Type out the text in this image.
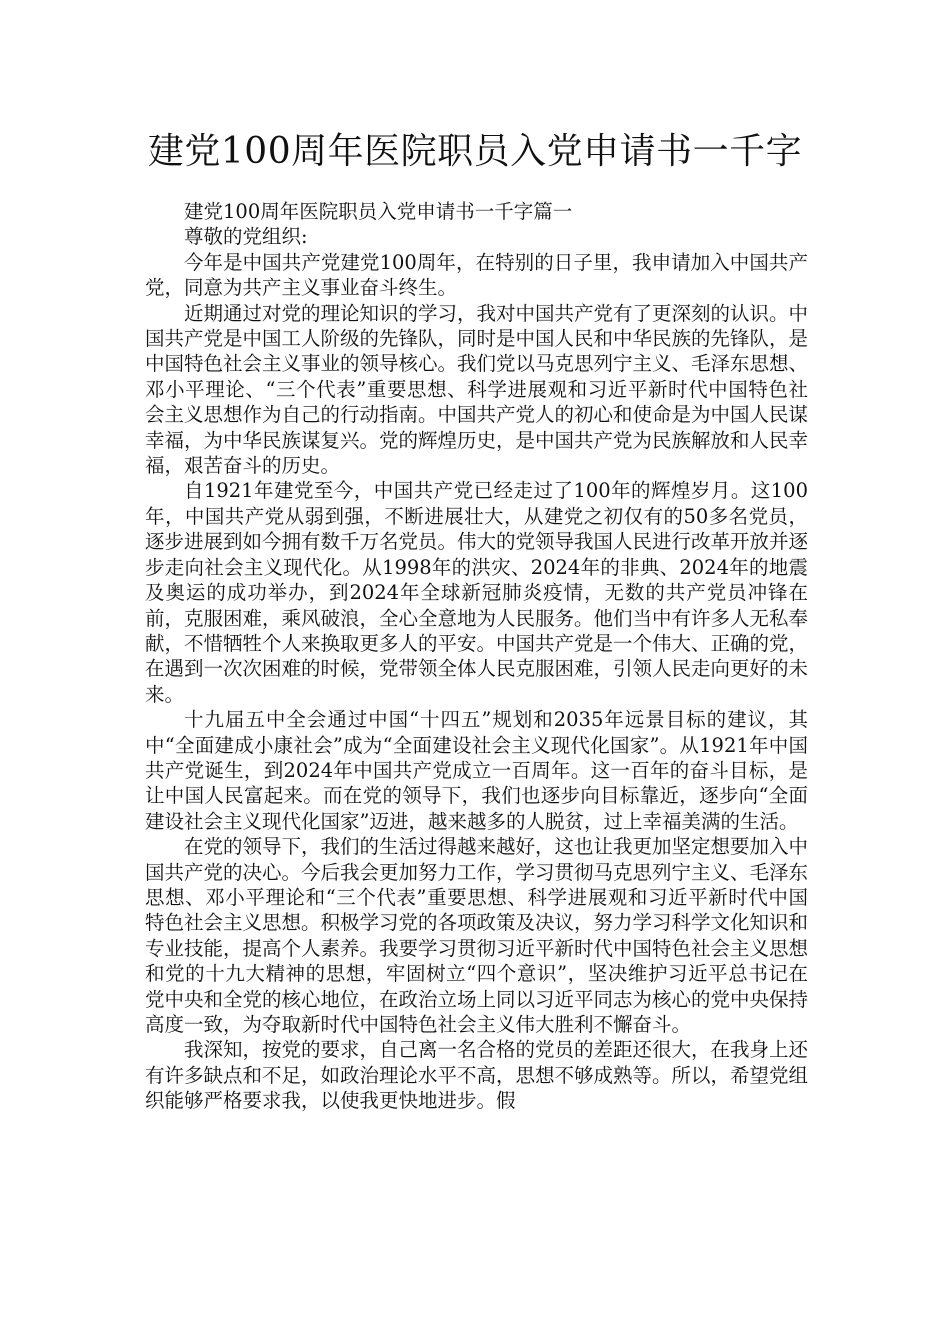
建党100周年医院职员入党申请书一千字

建党100周年医院职员入党申请书一千字篇一

尊敬的党组织:

今年是中国共产党建党100周年，在特别的日子里，我申请加入中国共产党，同意为共产主义事业奋斗终生。

近期通过对党的理论知识的学习，我对中国共产党有了更深刻的认识。中国共产党是中国工人阶级的先锋队，同时是中国人民和中华民族的先锋队，是中国特色社会主义事业的领导核心。我们党以马克思列宁主义、毛泽东思想、邓小平理论、“三个代表”重要思想、科学进展观和习近平新时代中国特色社会主义思想作为自己的行动指南。中国共产党人的初心和使命是为中国人民谋幸福，为中华民族谋复兴。党的辉煌历史，是中国共产党为民族解放和人民幸福，艰苦奋斗的历史。

自1921年建党至今，中国共产党已经走过了100年的辉煌岁月。这100年，中国共产党从弱到强，不断进展壮大，从建党之初仅有的50多名党员，逐步进展到如今拥有数千万名党员。伟大的党领导我国人民进行改革开放并逐步走向社会主义现代化。从1998年的洪灾、2024年的非典、2024年的地震及奥运的成功举办，到2024年全球新冠肺炎疫情，无数的共产党员冲锋在前，克服困难，乘风破浪，全心全意地为人民服务。他们当中有许多人无私奉献，不惜牺牲个人来换取更多人的平安。中国共产党是一个伟大、正确的党，在遇到一次次困难的时候，党带领全体人民克服困难，引领人民走向更好的未来。

十九届五中全会通过中国“十四五”规划和2035年远景目标的建议，其中“全面建成小康社会”成为“全面建设社会主义现代化国家”。从1921年中国共产党诞生，到2024年中国共产党成立一百周年。这一百年的奋斗目标，是让中国人民富起来。而在党的领导下，我们也逐步向目标靠近，逐步向“全面建设社会主义现代化国家”迈进，越来越多的人脱贫，过上幸福美满的生活。

在党的领导下，我们的生活过得越来越好，这也让我更加坚定想要加入中国共产党的决心。今后我会更加努力工作，学习贯彻马克思列宁主义、毛泽东思想、邓小平理论和“三个代表”重要思想、科学进展观和习近平新时代中国特色社会主义思想。积极学习党的各项政策及决议，努力学习科学文化知识和专业技能，提高个人素养。我要学习贯彻习近平新时代中国特色社会主义思想和党的十九大精神的思想，牢固树立“四个意识”，坚决维护习近平总书记在党中央和全党的核心地位，在政治立场上同以习近平同志为核心的党中央保持高度一致，为夺取新时代中国特色社会主义伟大胜利不懈奋斗。

我深知，按党的要求，自己离一名合格的党员的差距还很大，在我身上还有许多缺点和不足，如政治理论水平不高，思想不够成熟等。所以，希望党组织能够严格要求我，以使我更快地进步。假
